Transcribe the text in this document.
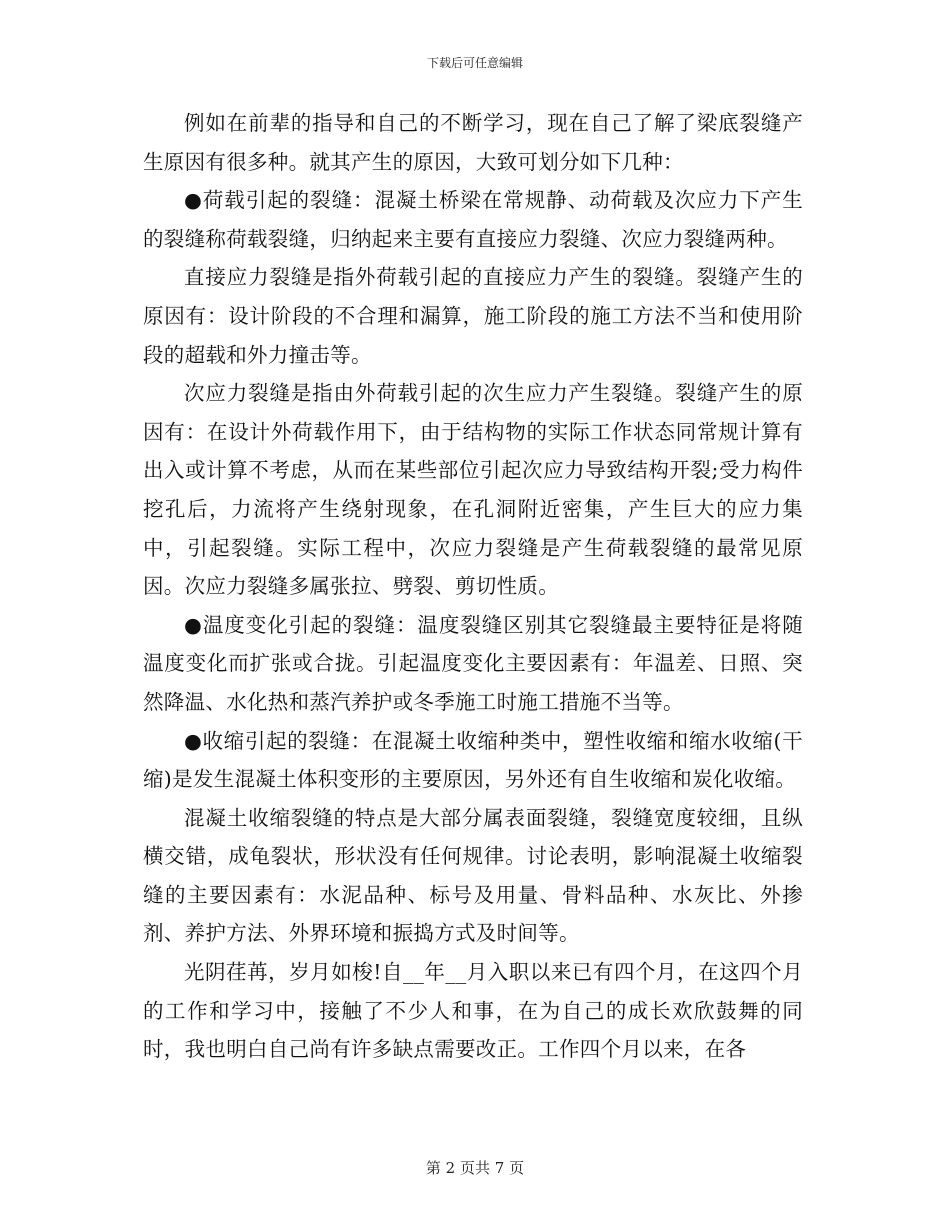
下载后可任意编辑

例如在前辈的指导和自己的不断学习，现在自己了解了梁底裂缝产生原因有很多种。就其产生的原因，大致可划分如下几种：

●荷载引起的裂缝：混凝土桥梁在常规静、动荷载及次应力下产生的裂缝称荷载裂缝，归纳起来主要有直接应力裂缝、次应力裂缝两种。

直接应力裂缝是指外荷载引起的直接应力产生的裂缝。裂缝产生的原因有：设计阶段的不合理和漏算，施工阶段的施工方法不当和使用阶段的超载和外力撞击等。

次应力裂缝是指由外荷载引起的次生应力产生裂缝。裂缝产生的原因有：在设计外荷载作用下，由于结构物的实际工作状态同常规计算有出入或计算不考虑，从而在某些部位引起次应力导致结构开裂;受力构件挖孔后，力流将产生绕射现象，在孔洞附近密集，产生巨大的应力集中，引起裂缝。实际工程中，次应力裂缝是产生荷载裂缝的最常见原因。次应力裂缝多属张拉、劈裂、剪切性质。

●温度变化引起的裂缝：温度裂缝区别其它裂缝最主要特征是将随温度变化而扩张或合拢。引起温度变化主要因素有：年温差、日照、突然降温、水化热和蒸汽养护或冬季施工时施工措施不当等。

●收缩引起的裂缝：在混凝土收缩种类中，塑性收缩和缩水收缩(干缩)是发生混凝土体积变形的主要原因，另外还有自生收缩和炭化收缩。

混凝土收缩裂缝的特点是大部分属表面裂缝，裂缝宽度较细，且纵横交错，成龟裂状，形状没有任何规律。讨论表明，影响混凝土收缩裂缝的主要因素有：水泥品种、标号及用量、骨料品种、水灰比、外掺剂、养护方法、外界环境和振捣方式及时间等。

光阴荏苒，岁月如梭!自__年__月入职以来已有四个月，在这四个月的工作和学习中，接触了不少人和事，在为自己的成长欢欣鼓舞的同时，我也明白自己尚有许多缺点需要改正。工作四个月以来，在各

第 2 页共 7 页
